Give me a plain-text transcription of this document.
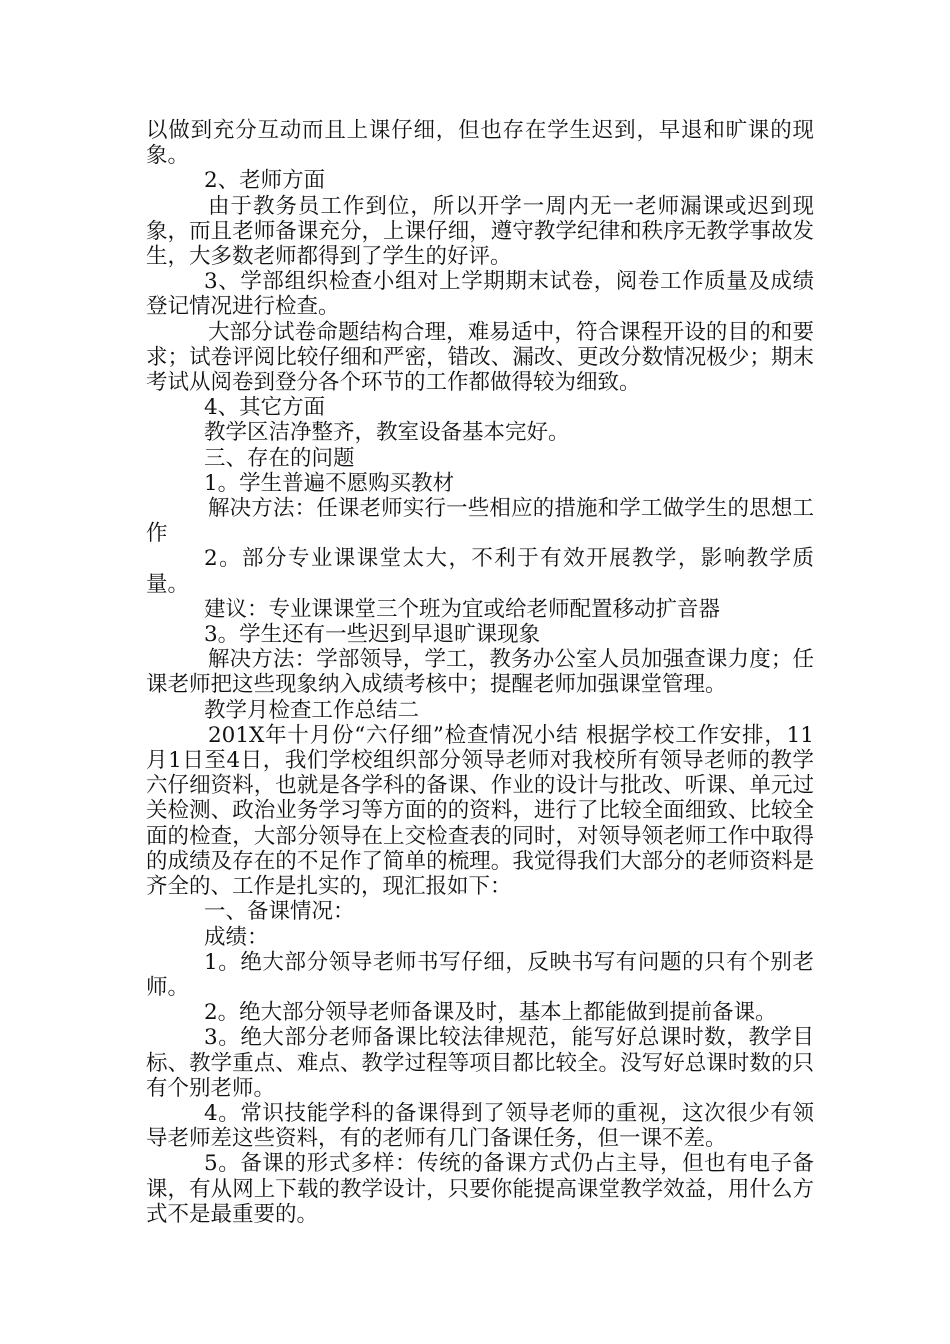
以做到充分互动而且上课仔细，但也存在学生迟到，早退和旷课的现象。

2、老师方面

由于教务员工作到位，所以开学一周内无一老师漏课或迟到现象，而且老师备课充分，上课仔细，遵守教学纪律和秩序无教学事故发生，大多数老师都得到了学生的好评。

3、学部组织检查小组对上学期期末试卷，阅卷工作质量及成绩登记情况进行检查。

大部分试卷命题结构合理，难易适中，符合课程开设的目的和要求；试卷评阅比较仔细和严密，错改、漏改、更改分数情况极少；期末考试从阅卷到登分各个环节的工作都做得较为细致。

4、其它方面

教学区洁净整齐，教室设备基本完好。

三、存在的问题

1。学生普遍不愿购买教材

解决方法：任课老师实行一些相应的措施和学工做学生的思想工作

2。部分专业课课堂太大，不利于有效开展教学，影响教学质量。

建议：专业课课堂三个班为宜或给老师配置移动扩音器

3。学生还有一些迟到早退旷课现象

解决方法：学部领导，学工，教务办公室人员加强查课力度；任课老师把这些现象纳入成绩考核中；提醒老师加强课堂管理。

教学月检查工作总结二

201X年十月份“六仔细”检查情况小结 根据学校工作安排，11月1日至4日，我们学校组织部分领导老师对我校所有领导老师的教学六仔细资料，也就是各学科的备课、作业的设计与批改、听课、单元过关检测、政治业务学习等方面的的资料，进行了比较全面细致、比较全面的检查，大部分领导在上交检查表的同时，对领导领老师工作中取得的成绩及存在的不足作了简单的梳理。我觉得我们大部分的老师资料是齐全的、工作是扎实的，现汇报如下：

一、备课情况：

成绩：

1。绝大部分领导老师书写仔细，反映书写有问题的只有个别老师。

2。绝大部分领导老师备课及时，基本上都能做到提前备课。

3。绝大部分老师备课比较法律规范，能写好总课时数，教学目标、教学重点、难点、教学过程等项目都比较全。没写好总课时数的只有个别老师。

4。常识技能学科的备课得到了领导老师的重视，这次很少有领导老师差这些资料，有的老师有几门备课任务，但一课不差。

5。备课的形式多样：传统的备课方式仍占主导，但也有电子备课，有从网上下载的教学设计，只要你能提高课堂教学效益，用什么方式不是最重要的。
